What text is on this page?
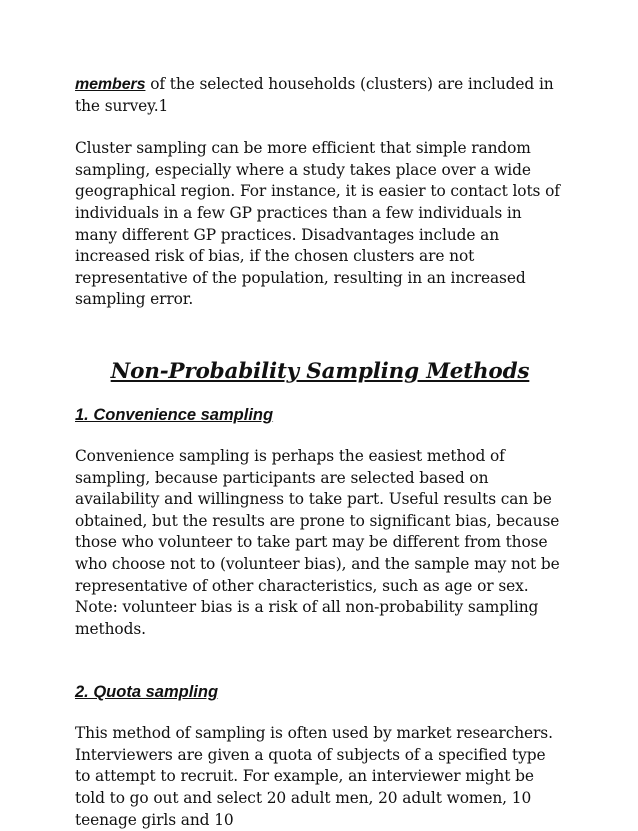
members of the selected households (clusters) are included in the survey.1

Cluster sampling can be more efficient that simple random sampling, especially where a study takes place over a wide geographical region. For instance, it is easier to contact lots of individuals in a few GP practices than a few individuals in many different GP practices. Disadvantages include an increased risk of bias, if the chosen clusters are not representative of the population, resulting in an increased sampling error.

Non-Probability Sampling Methods
1. Convenience sampling

Convenience sampling is perhaps the easiest method of sampling, because participants are selected based on availability and willingness to take part. Useful results can be obtained, but the results are prone to significant bias, because those who volunteer to take part may be different from those who choose not to (volunteer bias), and the sample may not be representative of other characteristics, such as age or sex. Note: volunteer bias is a risk of all non-probability sampling methods.

2. Quota sampling

This method of sampling is often used by market researchers. Interviewers are given a quota of subjects of a specified type to attempt to recruit. For example, an interviewer might be told to go out and select 20 adult men, 20 adult women, 10 teenage girls and 10
